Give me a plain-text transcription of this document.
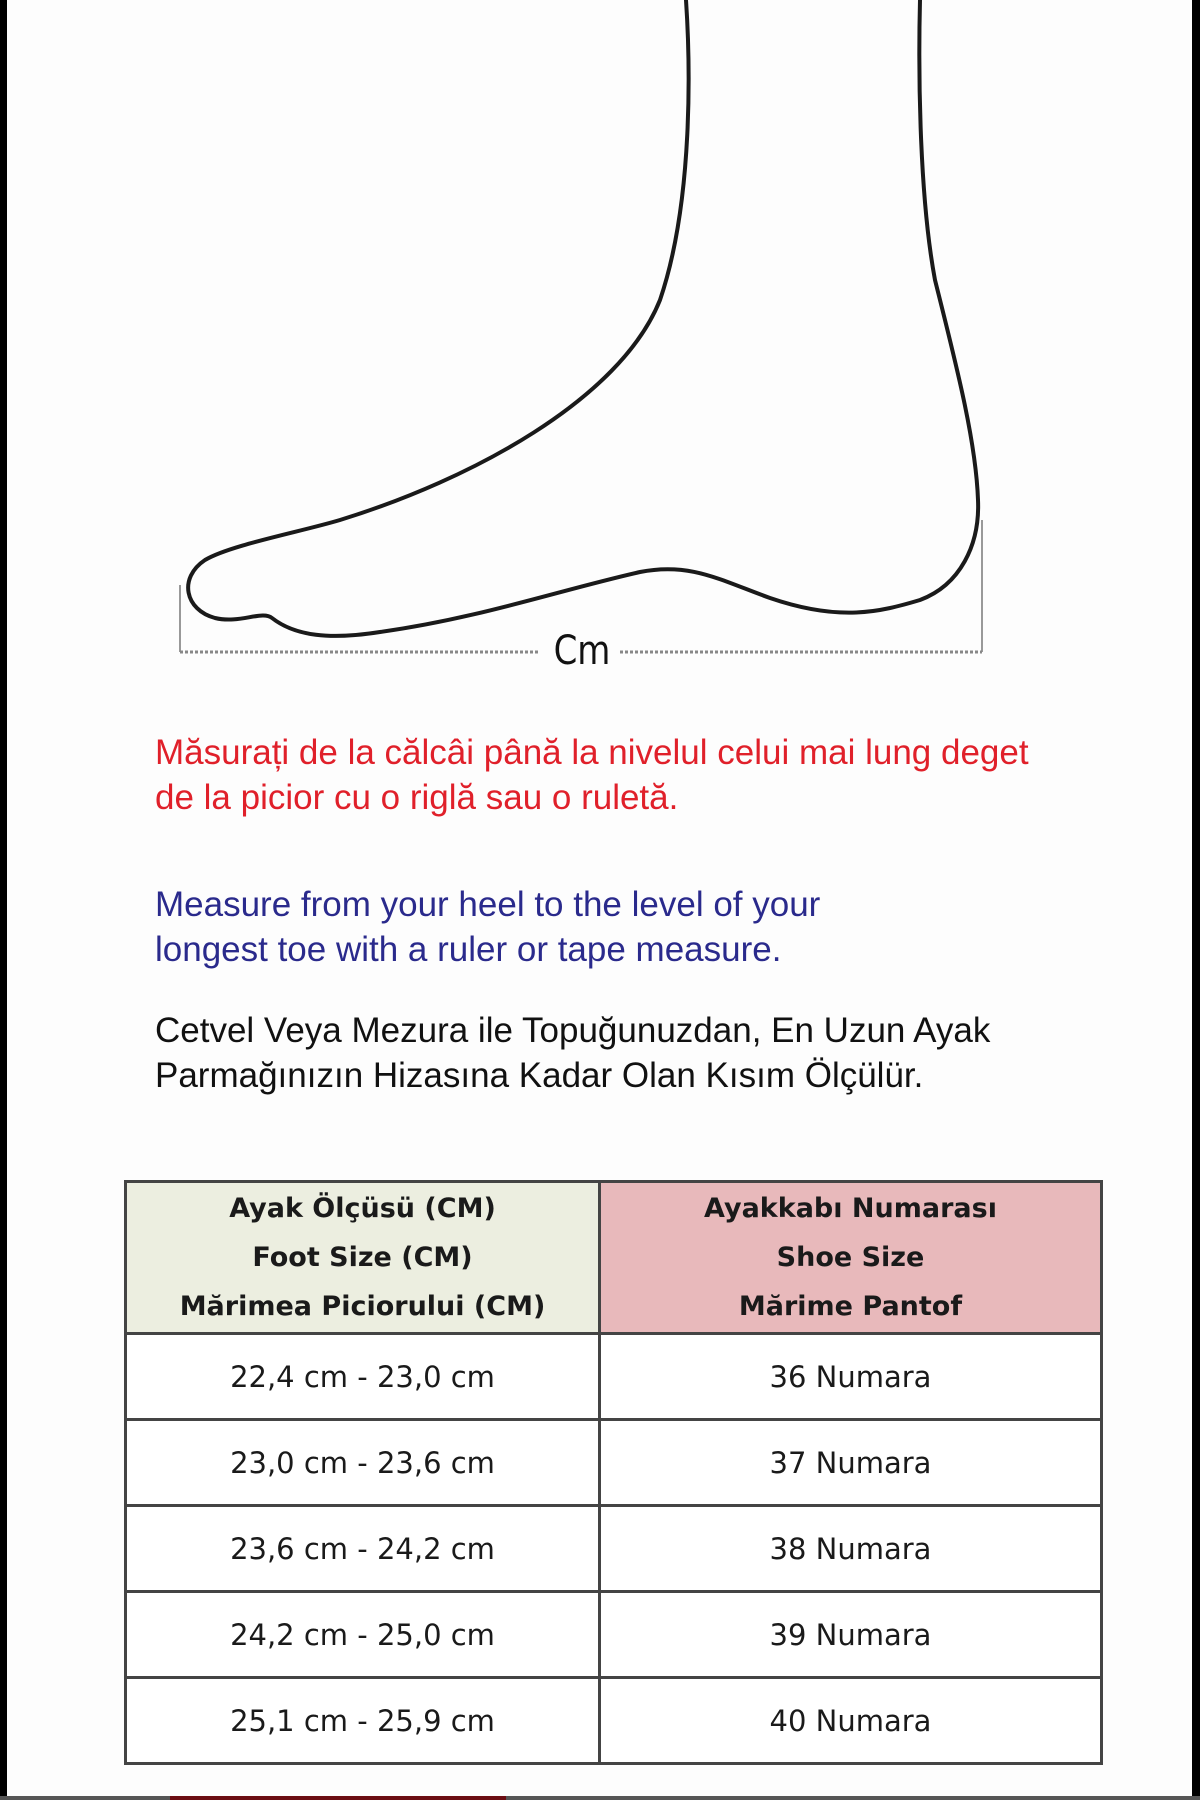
Cm

Măsurați de la călcâi până la nivelul celui mai lung deget de la picior cu o riglă sau o ruletă.

Measure from your heel to the level of your longest toe with a ruler or tape measure.

Cetvel Veya Mezura ile Topuğunuzdan, En Uzun Ayak Parmağınızın Hizasına Kadar Olan Kısım Ölçülür.

Ayak Ölçüsü (CM)
Foot Size (CM)
Mărimea Piciorului (CM)

Ayakkabı Numarası
Shoe Size
Mărime Pantof

22,4 cm - 23,0 cm	36 Numara
23,0 cm - 23,6 cm	37 Numara
23,6 cm - 24,2 cm	38 Numara
24,2 cm - 25,0 cm	39 Numara
25,1 cm - 25,9 cm	40 Numara
